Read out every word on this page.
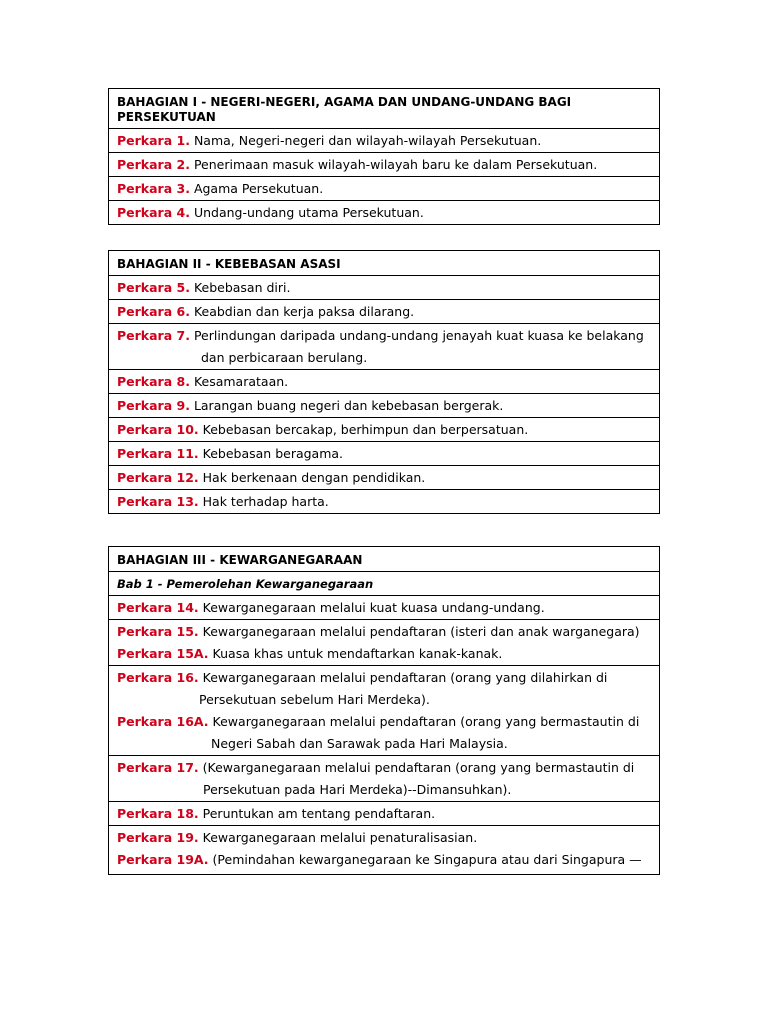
BAHAGIAN I - NEGERI-NEGERI, AGAMA DAN UNDANG-UNDANG BAGI PERSEKUTUAN
Perkara 1. Nama, Negeri-negeri dan wilayah-wilayah Persekutuan.
Perkara 2. Penerimaan masuk wilayah-wilayah baru ke dalam Persekutuan.
Perkara 3. Agama Persekutuan.
Perkara 4. Undang-undang utama Persekutuan.
BAHAGIAN II - KEBEBASAN ASASI
Perkara 5. Kebebasan diri.
Perkara 6. Keabdian dan kerja paksa dilarang.
Perkara 7. Perlindungan daripada undang-undang jenayah kuat kuasa ke belakang
dan perbicaraan berulang.
Perkara 8. Kesamarataan.
Perkara 9. Larangan buang negeri dan kebebasan bergerak.
Perkara 10. Kebebasan bercakap, berhimpun dan berpersatuan.
Perkara 11. Kebebasan beragama.
Perkara 12. Hak berkenaan dengan pendidikan.
Perkara 13. Hak terhadap harta.
BAHAGIAN III - KEWARGANEGARAAN
Bab 1 - Pemerolehan Kewarganegaraan
Perkara 14. Kewarganegaraan melalui kuat kuasa undang-undang.
Perkara 15. Kewarganegaraan melalui pendaftaran (isteri dan anak warganegara)
Perkara 15A. Kuasa khas untuk mendaftarkan kanak-kanak.
Perkara 16. Kewarganegaraan melalui pendaftaran (orang yang dilahirkan di
Persekutuan sebelum Hari Merdeka).
Perkara 16A. Kewarganegaraan melalui pendaftaran (orang yang bermastautin di
Negeri Sabah dan Sarawak pada Hari Malaysia.
Perkara 17. (Kewarganegaraan melalui pendaftaran (orang yang bermastautin di
Persekutuan pada Hari Merdeka)--Dimansuhkan).
Perkara 18. Peruntukan am tentang pendaftaran.
Perkara 19. Kewarganegaraan melalui penaturalisasian.
Perkara 19A. (Pemindahan kewarganegaraan ke Singapura atau dari Singapura —
